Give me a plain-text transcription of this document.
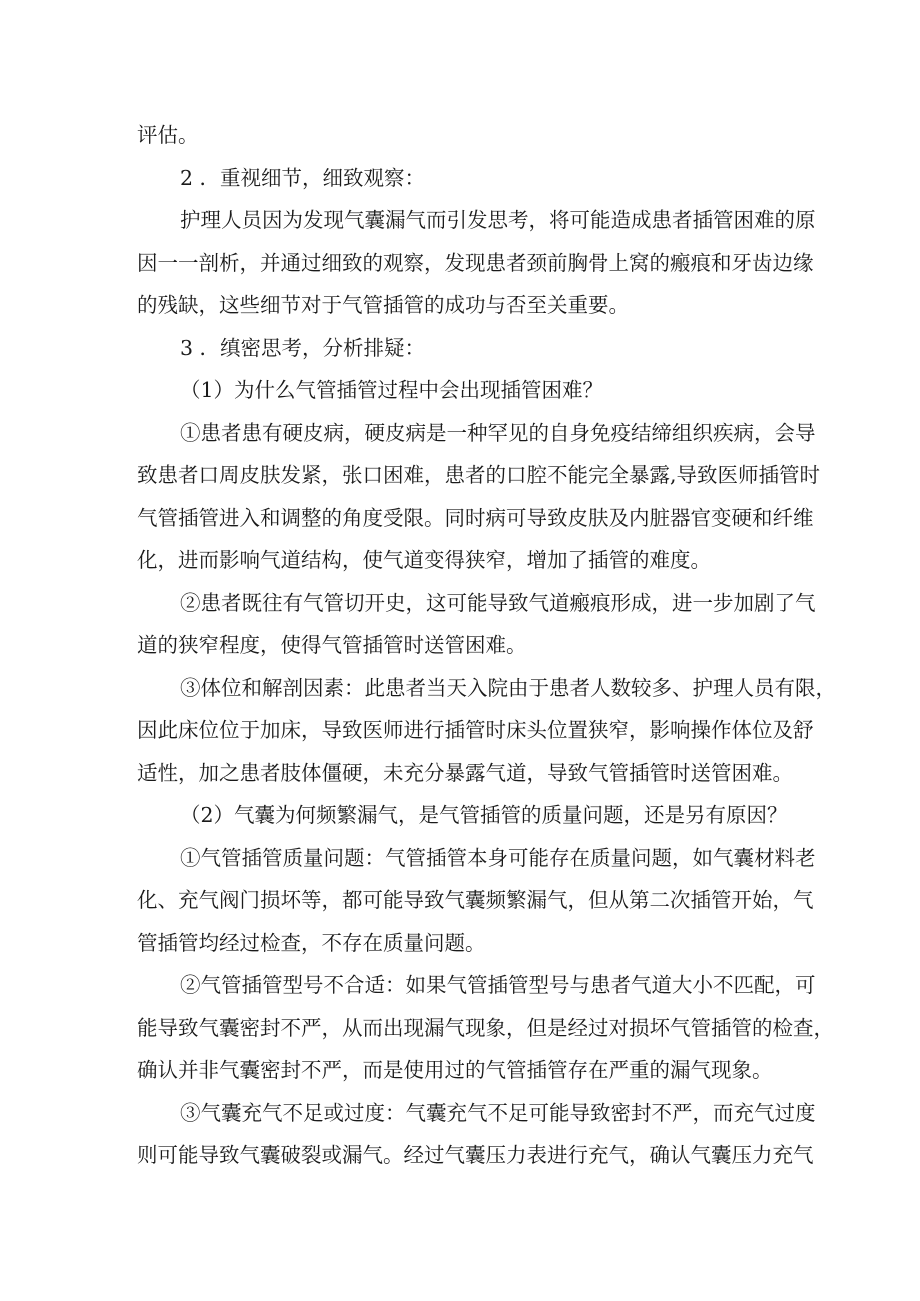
评估。
2 ．重视细节，细致观察：
护理人员因为发现气囊漏气而引发思考，将可能造成患者插管困难的原
因一一剖析，并通过细致的观察，发现患者颈前胸骨上窝的瘢痕和牙齿边缘
的残缺，这些细节对于气管插管的成功与否至关重要。
3 ．缜密思考，分析排疑：
（1）为什么气管插管过程中会出现插管困难？
①患者患有硬皮病，硬皮病是一种罕见的自身免疫结缔组织疾病，会导
致患者口周皮肤发紧，张口困难，患者的口腔不能完全暴露,导致医师插管时
气管插管进入和调整的角度受限。同时病可导致皮肤及内脏器官变硬和纤维
化，进而影响气道结构，使气道变得狭窄，增加了插管的难度。
②患者既往有气管切开史，这可能导致气道瘢痕形成，进一步加剧了气
道的狭窄程度，使得气管插管时送管困难。
③体位和解剖因素：此患者当天入院由于患者人数较多、护理人员有限，
因此床位位于加床，导致医师进行插管时床头位置狭窄，影响操作体位及舒
适性，加之患者肢体僵硬，未充分暴露气道，导致气管插管时送管困难。
（2）气囊为何频繁漏气，是气管插管的质量问题，还是另有原因？
①气管插管质量问题：气管插管本身可能存在质量问题，如气囊材料老
化、充气阀门损坏等，都可能导致气囊频繁漏气，但从第二次插管开始，气
管插管均经过检查，不存在质量问题。
②气管插管型号不合适：如果气管插管型号与患者气道大小不匹配，可
能导致气囊密封不严，从而出现漏气现象，但是经过对损坏气管插管的检查，
确认并非气囊密封不严，而是使用过的气管插管存在严重的漏气现象。
③气囊充气不足或过度：气囊充气不足可能导致密封不严，而充气过度
则可能导致气囊破裂或漏气。经过气囊压力表进行充气，确认气囊压力充气
